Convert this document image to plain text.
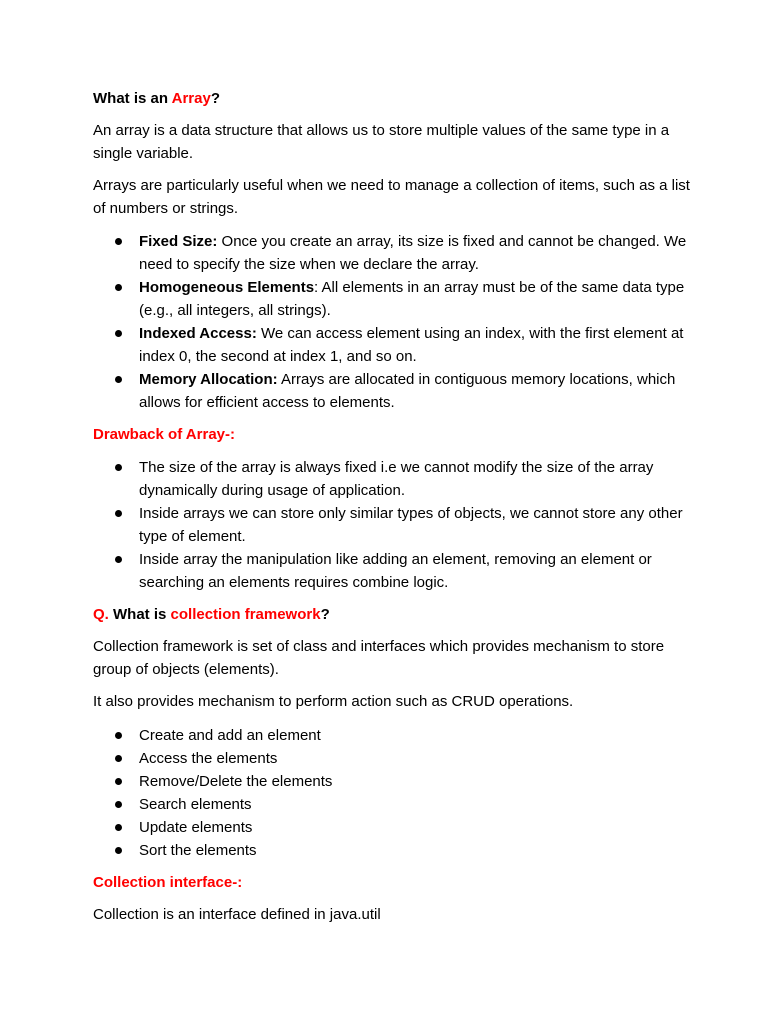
What is an Array?

An array is a data structure that allows us to store multiple values of the same type in a single variable.

Arrays are particularly useful when we need to manage a collection of items, such as a list of numbers or strings.

Fixed Size: Once you create an array, its size is fixed and cannot be changed. We need to specify the size when we declare the array.
Homogeneous Elements: All elements in an array must be of the same data type (e.g., all integers, all strings).
Indexed Access: We can access element using an index, with the first element at index 0, the second at index 1, and so on.
Memory Allocation: Arrays are allocated in contiguous memory locations, which allows for efficient access to elements.
Drawback of Array-:
The size of the array is always fixed i.e we cannot modify the size of the array dynamically during usage of application.
Inside arrays we can store only similar types of objects, we cannot store any other type of element.
Inside array the manipulation like adding an element, removing an element or searching an elements requires combine logic.
Q. What is collection framework?

Collection framework is set of class and interfaces which provides mechanism to store group of objects (elements).

It also provides mechanism to perform action such as CRUD operations.

Create and add an element
Access the elements
Remove/Delete the elements
Search elements
Update elements
Sort the elements
Collection interface-:

Collection is an interface defined in java.util
